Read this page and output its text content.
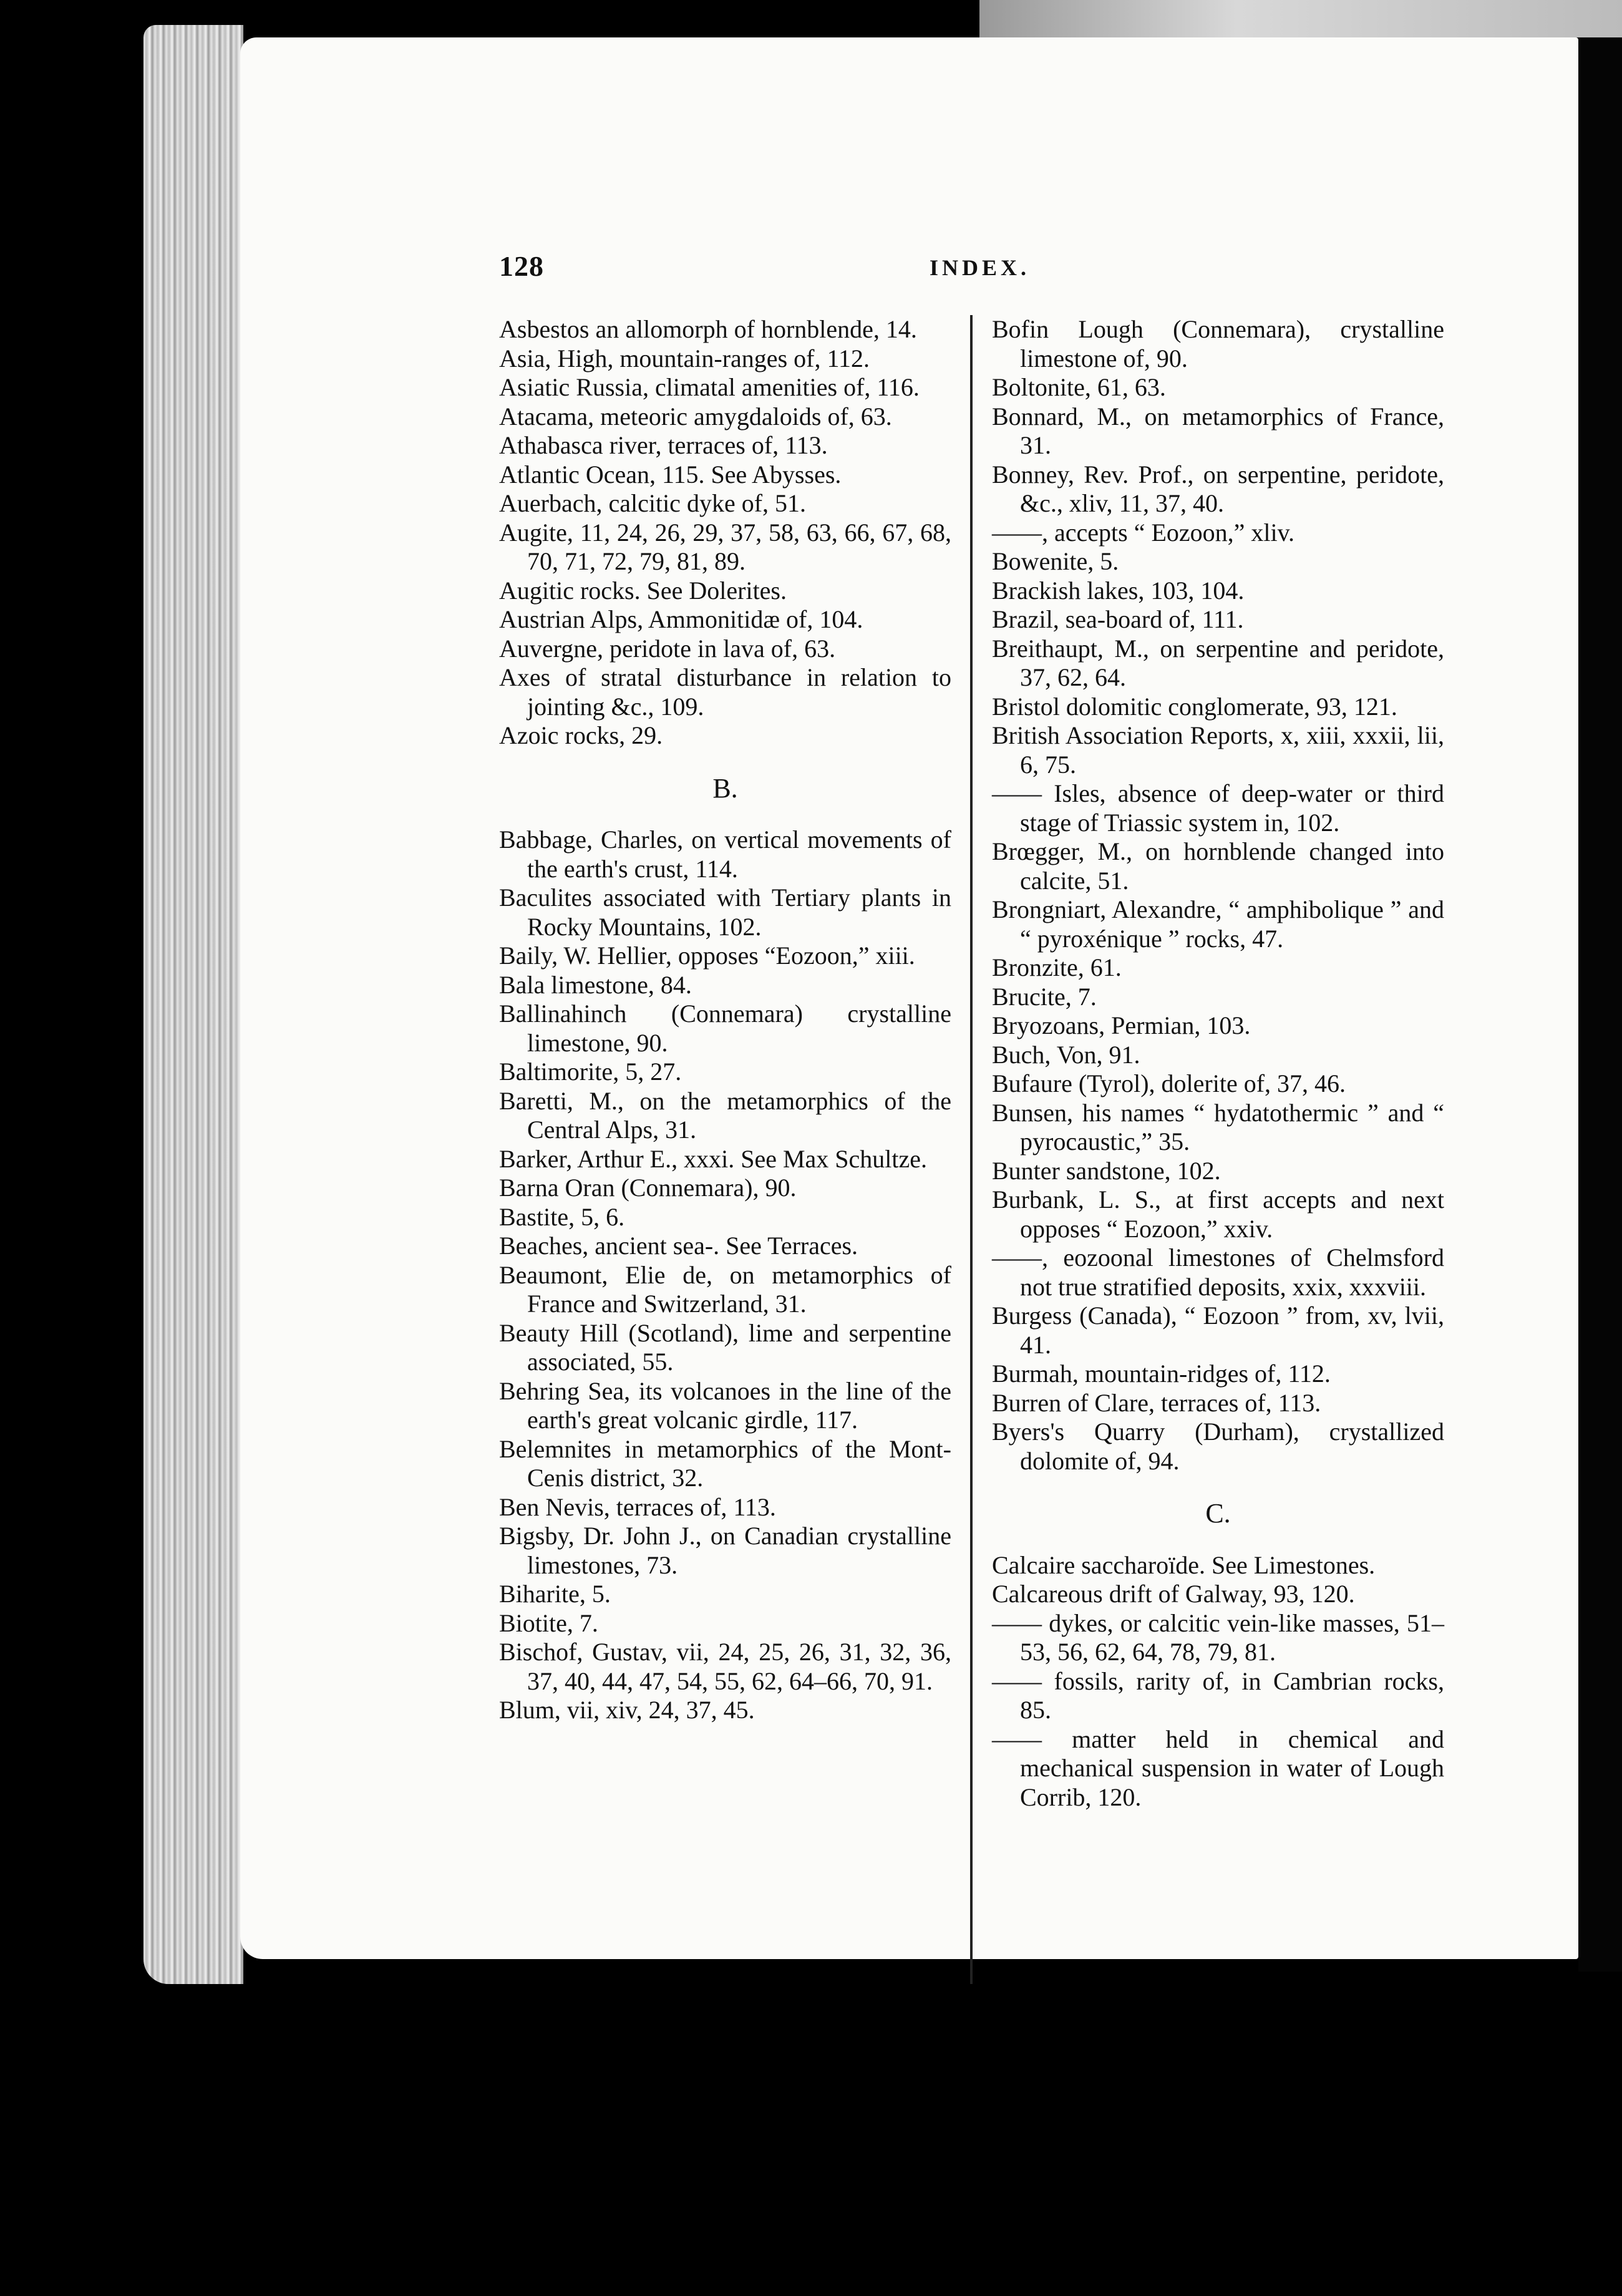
128	INDEX.
Asbestos an allomorph of hornblende, 14.
Asia, High, mountain-ranges of, 112.
Asiatic Russia, climatal amenities of, 116.
Atacama, meteoric amygdaloids of, 63.
Athabasca river, terraces of, 113.
Atlantic Ocean, 115. See Abysses.
Auerbach, calcitic dyke of, 51.
Augite, 11, 24, 26, 29, 37, 58, 63, 66, 67, 68, 70, 71, 72, 79, 81, 89.
Augitic rocks. See Dolerites.
Austrian Alps, Ammonitidæ of, 104.
Auvergne, peridote in lava of, 63.
Axes of stratal disturbance in relation to jointing &c., 109.
Azoic rocks, 29.
B.
Babbage, Charles, on vertical movements of the earth's crust, 114.
Baculites associated with Tertiary plants in Rocky Mountains, 102.
Baily, W. Hellier, opposes “Eozoon,” xiii.
Bala limestone, 84.
Ballinahinch (Connemara) crystalline limestone, 90.
Baltimorite, 5, 27.
Baretti, M., on the metamorphics of the Central Alps, 31.
Barker, Arthur E., xxxi. See Max Schultze.
Barna Oran (Connemara), 90.
Bastite, 5, 6.
Beaches, ancient sea-. See Terraces.
Beaumont, Elie de, on metamorphics of France and Switzerland, 31.
Beauty Hill (Scotland), lime and serpentine associated, 55.
Behring Sea, its volcanoes in the line of the earth's great volcanic girdle, 117.
Belemnites in metamorphics of the Mont-Cenis district, 32.
Ben Nevis, terraces of, 113.
Bigsby, Dr. John J., on Canadian crystalline limestones, 73.
Biharite, 5.
Biotite, 7.
Bischof, Gustav, vii, 24, 25, 26, 31, 32, 36, 37, 40, 44, 47, 54, 55, 62, 64–66, 70, 91.
Blum, vii, xiv, 24, 37, 45.
Bofin Lough (Connemara), crystalline limestone of, 90.
Boltonite, 61, 63.
Bonnard, M., on metamorphics of France, 31.
Bonney, Rev. Prof., on serpentine, peridote, &c., xliv, 11, 37, 40.
——, accepts “ Eozoon,” xliv.
Bowenite, 5.
Brackish lakes, 103, 104.
Brazil, sea-board of, 111.
Breithaupt, M., on serpentine and peridote, 37, 62, 64.
Bristol dolomitic conglomerate, 93, 121.
British Association Reports, x, xiii, xxxii, lii, 6, 75.
—— Isles, absence of deep-water or third stage of Triassic system in, 102.
Brœgger, M., on hornblende changed into calcite, 51.
Brongniart, Alexandre, “ amphibolique ” and “ pyroxénique ” rocks, 47.
Bronzite, 61.
Brucite, 7.
Bryozoans, Permian, 103.
Buch, Von, 91.
Bufaure (Tyrol), dolerite of, 37, 46.
Bunsen, his names “ hydatothermic ” and “ pyrocaustic,” 35.
Bunter sandstone, 102.
Burbank, L. S., at first accepts and next opposes “ Eozoon,” xxiv.
——, eozoonal limestones of Chelmsford not true stratified deposits, xxix, xxxviii.
Burgess (Canada), “ Eozoon ” from, xv, lvii, 41.
Burmah, mountain-ridges of, 112.
Burren of Clare, terraces of, 113.
Byers's Quarry (Durham), crystallized dolomite of, 94.
C.
Calcaire saccharoïde. See Limestones.
Calcareous drift of Galway, 93, 120.
—— dykes, or calcitic vein-like masses, 51–53, 56, 62, 64, 78, 79, 81.
—— fossils, rarity of, in Cambrian rocks, 85.
—— matter held in chemical and mechanical suspension in water of Lough Corrib, 120.
